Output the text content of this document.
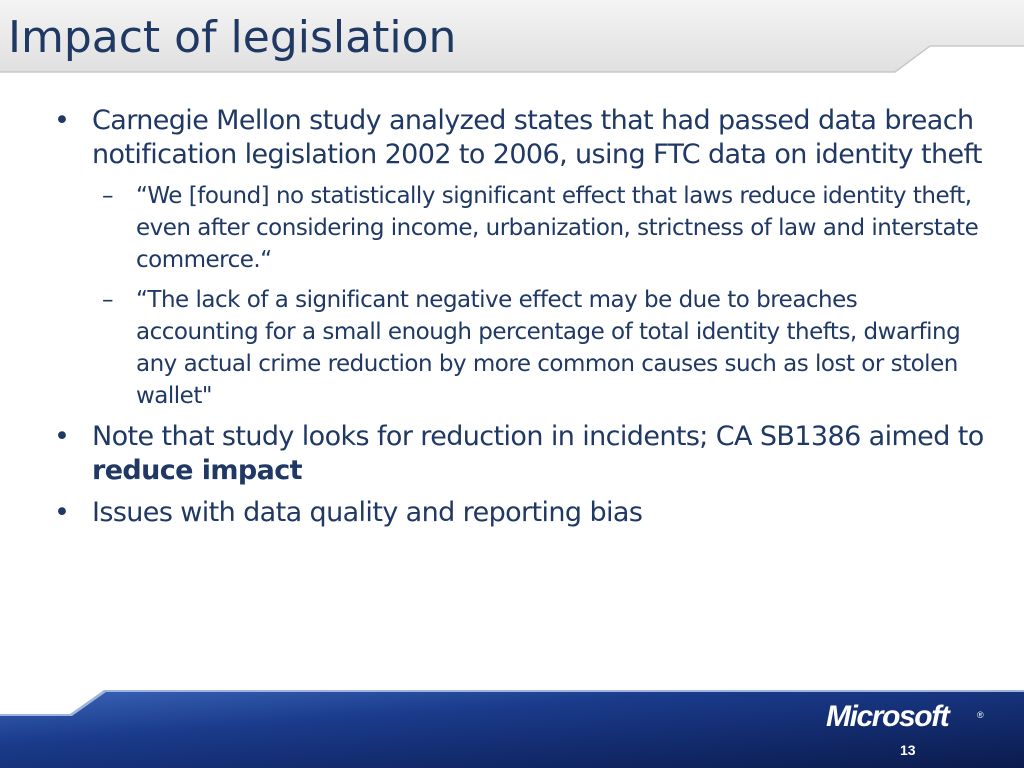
Impact of legislation
• Carnegie Mellon study analyzed states that had passed data breach notification legislation 2002 to 2006, using FTC data on identity theft
– “We [found] no statistically significant effect that laws reduce identity theft, even after considering income, urbanization, strictness of law and interstate commerce.“
– “The lack of a significant negative effect may be due to breaches accounting for a small enough percentage of total identity thefts, dwarfing any actual crime reduction by more common causes such as lost or stolen wallet"
• Note that study looks for reduction in incidents; CA SB1386 aimed to reduce impact
• Issues with data quality and reporting bias
Microsoft	®
13
